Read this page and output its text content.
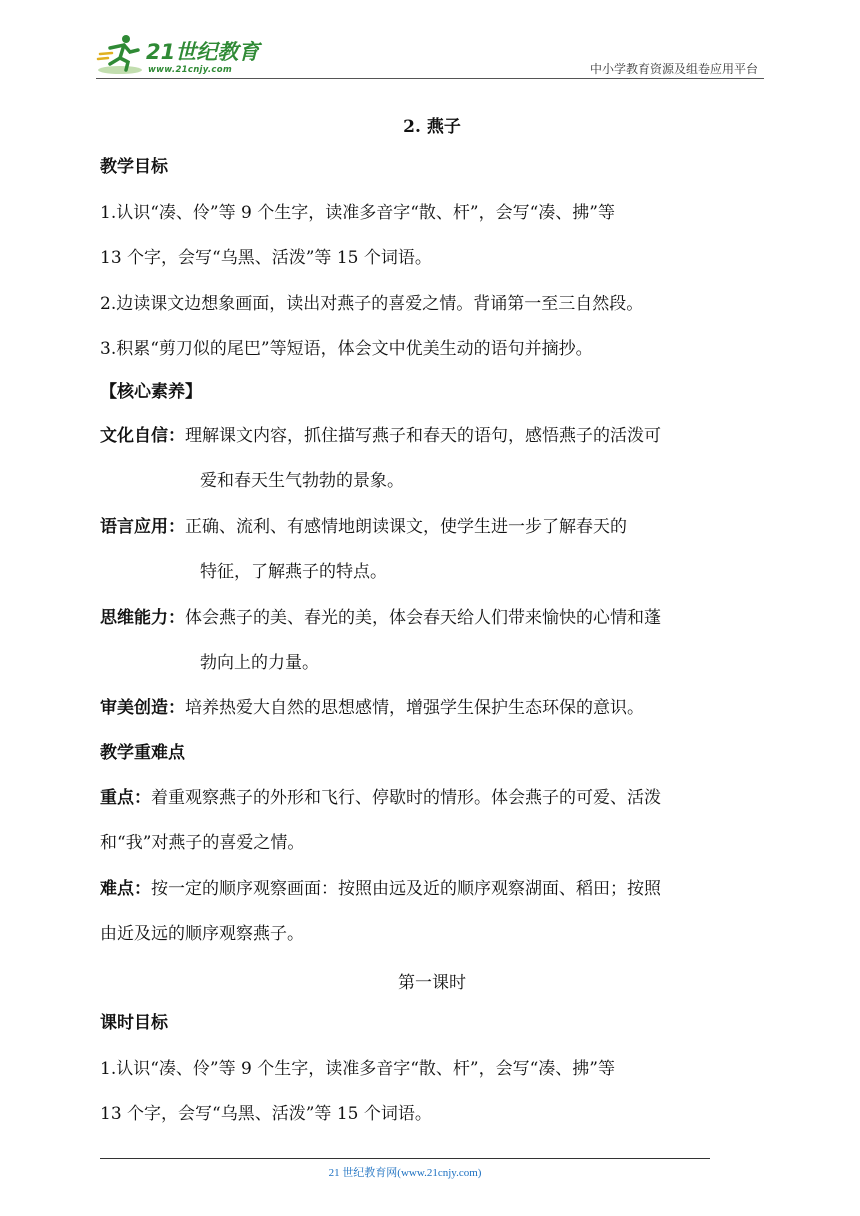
21世纪教育
www.21cnjy.com	中小学教育资源及组卷应用平台
2. 燕子
教学目标
1.认识“凑、伶”等 9 个生字，读准多音字“散、杆”，会写“凑、拂”等
13 个字，会写“乌黑、活泼”等 15 个词语。
2.边读课文边想象画面，读出对燕子的喜爱之情。背诵第一至三自然段。
3.积累“剪刀似的尾巴”等短语，体会文中优美生动的语句并摘抄。
【核心素养】
文化自信：理解课文内容，抓住描写燕子和春天的语句，感悟燕子的活泼可
爱和春天生气勃勃的景象。
语言应用：正确、流利、有感情地朗读课文，使学生进一步了解春天的
特征，了解燕子的特点。
思维能力：体会燕子的美、春光的美，体会春天给人们带来愉快的心情和蓬
勃向上的力量。
审美创造：培养热爱大自然的思想感情，增强学生保护生态环保的意识。
教学重难点
重点：着重观察燕子的外形和飞行、停歇时的情形。体会燕子的可爱、活泼
和“我”对燕子的喜爱之情。
难点：按一定的顺序观察画面：按照由远及近的顺序观察湖面、稻田；按照
由近及远的顺序观察燕子。
第一课时
课时目标
1.认识“凑、伶”等 9 个生字，读准多音字“散、杆”，会写“凑、拂”等
13 个字，会写“乌黑、活泼”等 15 个词语。
21 世纪教育网(www.21cnjy.com)
